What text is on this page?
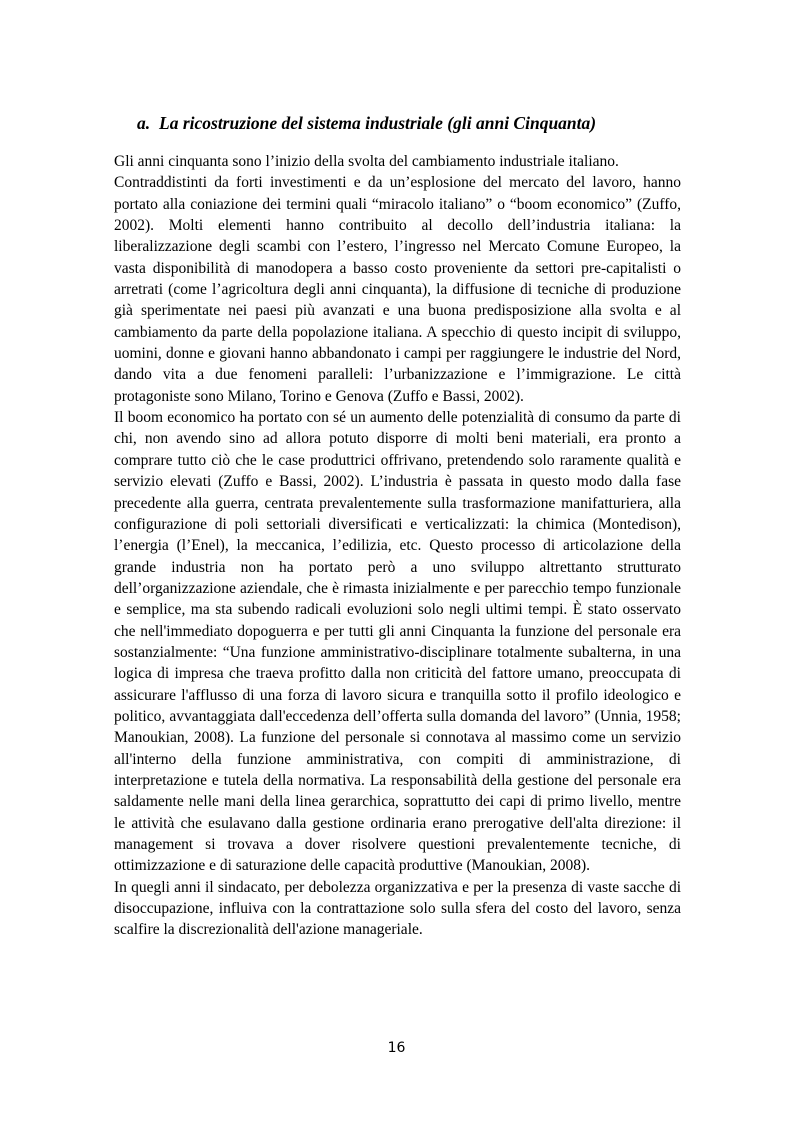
a. La ricostruzione del sistema industriale (gli anni Cinquanta)

Gli anni cinquanta sono l’inizio della svolta del cambiamento industriale italiano.

Contraddistinti da forti investimenti e da un’esplosione del mercato del lavoro, hanno portato alla coniazione dei termini quali “miracolo italiano” o “boom economico” (Zuffo, 2002). Molti elementi hanno contribuito al decollo dell’industria italiana: la liberalizzazione degli scambi con l’estero, l’ingresso nel Mercato Comune Europeo, la vasta disponibilità di manodopera a basso costo proveniente da settori pre-capitalisti o arretrati (come l’agricoltura degli anni cinquanta), la diffusione di tecniche di produzione già sperimentate nei paesi più avanzati e una buona predisposizione alla svolta e al cambiamento da parte della popolazione italiana. A specchio di questo incipit di sviluppo, uomini, donne e giovani hanno abbandonato i campi per raggiungere le industrie del Nord, dando vita a due fenomeni paralleli: l’urbanizzazione e l’immigrazione. Le città protagoniste sono Milano, Torino e Genova (Zuffo e Bassi, 2002).

Il boom economico ha portato con sé un aumento delle potenzialità di consumo da parte di chi, non avendo sino ad allora potuto disporre di molti beni materiali, era pronto a comprare tutto ciò che le case produttrici offrivano, pretendendo solo raramente qualità e servizio elevati (Zuffo e Bassi, 2002). L’industria è passata in questo modo dalla fase precedente alla guerra, centrata prevalentemente sulla trasformazione manifatturiera, alla configurazione di poli settoriali diversificati e verticalizzati: la chimica (Montedison), l’energia (l’Enel), la meccanica, l’edilizia, etc. Questo processo di articolazione della grande industria non ha portato però a uno sviluppo altrettanto strutturato dell’organizzazione aziendale, che è rimasta inizialmente e per parecchio tempo funzionale e semplice, ma sta subendo radicali evoluzioni solo negli ultimi tempi. È stato osservato che nell'immediato dopoguerra e per tutti gli anni Cinquanta la funzione del personale era sostanzialmente: “Una funzione amministrativo-disciplinare totalmente subalterna, in una logica di impresa che traeva profitto dalla non criticità del fattore umano, preoccupata di assicurare l'afflusso di una forza di lavoro sicura e tranquilla sotto il profilo ideologico e politico, avvantaggiata dall'eccedenza dell’offerta sulla domanda del lavoro” (Unnia, 1958; Manoukian, 2008). La funzione del personale si connotava al massimo come un servizio all'interno della funzione amministrativa, con compiti di amministrazione, di interpretazione e tutela della normativa. La responsabilità della gestione del personale era saldamente nelle mani della linea gerarchica, soprattutto dei capi di primo livello, mentre le attività che esulavano dalla gestione ordinaria erano prerogative dell'alta direzione: il management si trovava a dover risolvere questioni prevalentemente tecniche, di ottimizzazione e di saturazione delle capacità produttive (Manoukian, 2008).

In quegli anni il sindacato, per debolezza organizzativa e per la presenza di vaste sacche di disoccupazione, influiva con la contrattazione solo sulla sfera del costo del lavoro, senza scalfire la discrezionalità dell'azione manageriale.

16
